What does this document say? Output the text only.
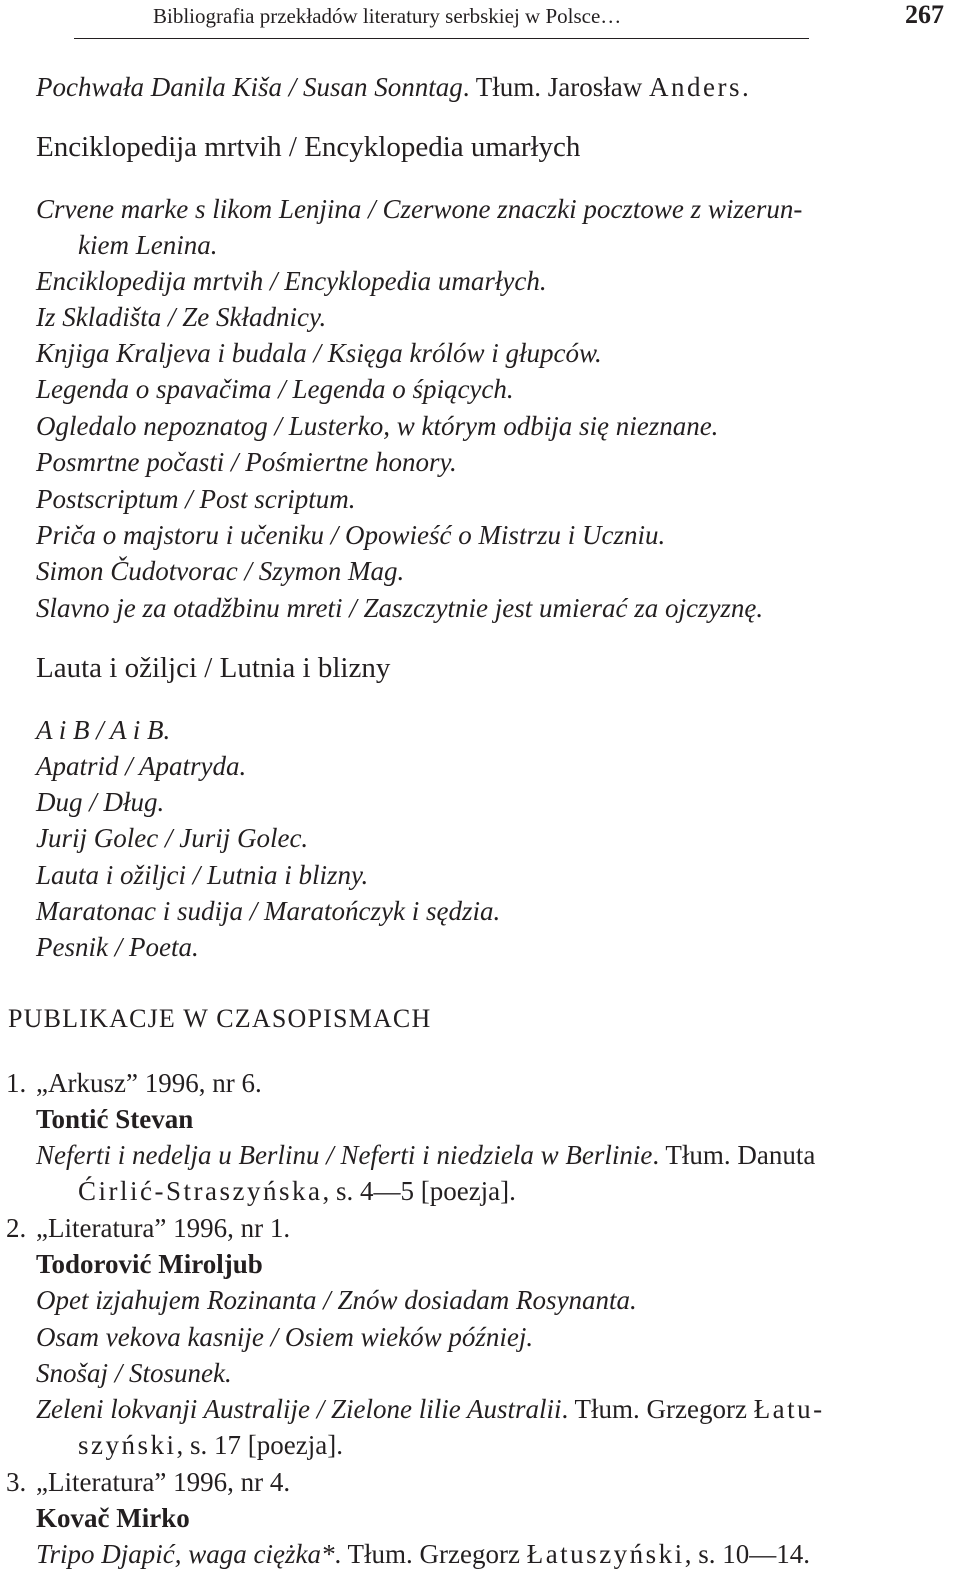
Bibliografia przekładów literatury serbskiej w Polsce…	267
Pochwała Danila Kiša / Susan Sonntag. Tłum. Jarosław Anders.
Enciklopedija mrtvih / Encyklopedia umarłych
Crvene marke s likom Lenjina / Czerwone znaczki pocztowe z wizerun-
kiem Lenina.
Enciklopedija mrtvih / Encyklopedia umarłych.
Iz Skladišta / Ze Składnicy.
Knjiga Kraljeva i budala / Księga królów i głupców.
Legenda o spavačima / Legenda o śpiących.
Ogledalo nepoznatog / Lusterko, w którym odbija się nieznane.
Posmrtne počasti / Pośmiertne honory.
Postscriptum / Post scriptum.
Priča o majstoru i učeniku / Opowieść o Mistrzu i Uczniu.
Simon Čudotvorac / Szymon Mag.
Slavno je za otadžbinu mreti / Zaszczytnie jest umierać za ojczyznę.
Lauta i ožiljci / Lutnia i blizny
A i B / A i B.
Apatrid / Apatryda.
Dug / Dług.
Jurij Golec / Jurij Golec.
Lauta i ožiljci / Lutnia i blizny.
Maratonac i sudija / Maratończyk i sędzia.
Pesnik / Poeta.
PUBLIKACJE W CZASOPISMACH
1. „Arkusz” 1996, nr 6.
Tontić Stevan
Neferti i nedelja u Berlinu / Neferti i niedziela w Berlinie. Tłum. Danuta
Ćirlić-Straszyńska, s. 4—5 [poezja].
2. „Literatura” 1996, nr 1.
Todorović Miroljub
Opet izjahujem Rozinanta / Znów dosiadam Rosynanta.
Osam vekova kasnije / Osiem wieków później.
Snošaj / Stosunek.
Zeleni lokvanji Australije / Zielone lilie Australii. Tłum. Grzegorz Łatu-
szyński, s. 17 [poezja].
3. „Literatura” 1996, nr 4.
Kovač Mirko
Tripo Djapić, waga ciężka*. Tłum. Grzegorz Łatuszyński, s. 10—14.
